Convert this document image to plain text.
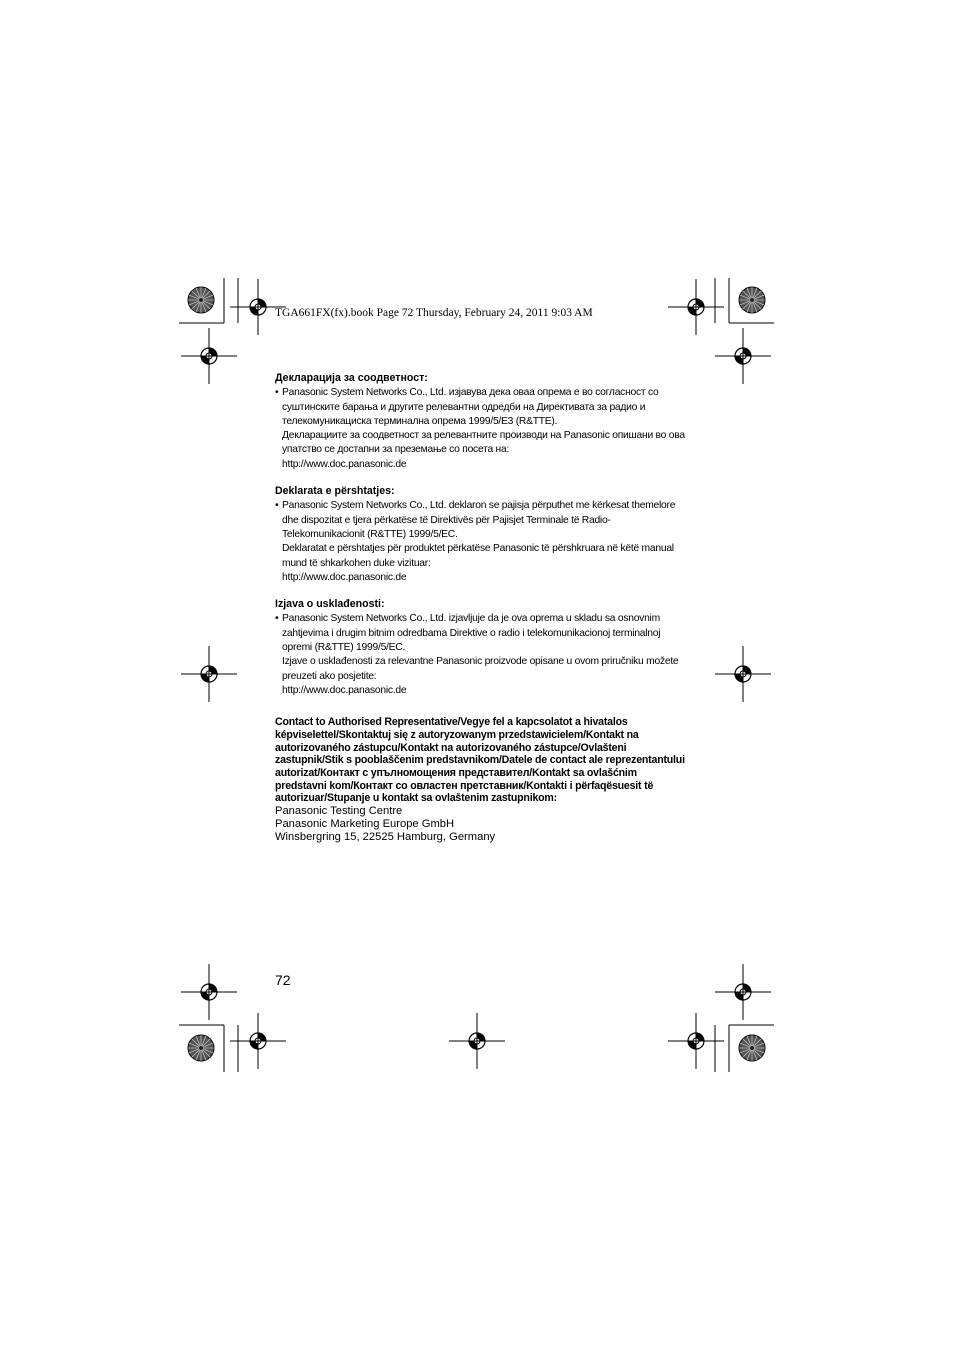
TGA661FX(fx).book Page 72 Thursday, February 24, 2011 9:03 AM
Декларација за соодветност:
• Panasonic System Networks Co., Ltd. изјавува дека оваа опрема е во согласност со суштинските барања и другите релевантни одредби на Директивата за радио и телекомуникациска терминална опрема 1999/5/Е3 (R&TTE).
Декларациите за соодветност за релевантните производи на Panasonic опишани во ова упатство се достапни за преземање со посета на:
http://www.doc.panasonic.de
Deklarata e përshtatjes:
• Panasonic System Networks Co., Ltd. deklaron se pajisja përputhet me kërkesat themelore dhe dispozitat e tjera përkatëse të Direktivës për Pajisjet Terminale të Radio-Telekomunikacionit (R&TTE) 1999/5/EC.
Deklaratat e përshtatjes për produktet përkatëse Panasonic të përshkruara në këtë manual mund të shkarkohen duke vizituar:
http://www.doc.panasonic.de
Izjava o usklađenosti:
• Panasonic System Networks Co., Ltd. izjavljuje da je ova oprema u skladu sa osnovnim zahtjevima i drugim bitnim odredbama Direktive o radio i telekomunikacionoj terminalnoj opremi (R&TTE) 1999/5/EC.
Izjave o usklađenosti za relevantne Panasonic proizvode opisane u ovom priručniku možete preuzeti ako posjetite:
http://www.doc.panasonic.de
Contact to Authorised Representative/Vegye fel a kapcsolatot a hivatalos képviselettel/Skontaktuj się z autoryzowanym przedstawicielem/Kontakt na autorizovaného zástupcu/Kontakt na autorizovaného zástupce/Ovlašteni zastupnik/Stik s pooblaščenim predstavnikom/Datele de contact ale reprezentantului autorizat/Контакт с упълномощения представител/Kontakt sa ovlašćnim predstavni kom/Контакт со овластен претставник/Kontakti i përfaqësuesit të autorizuar/Stupanje u kontakt sa ovlaštenim zastupnikom:
Panasonic Testing Centre
Panasonic Marketing Europe GmbH
Winsbergring 15, 22525 Hamburg, Germany
72
